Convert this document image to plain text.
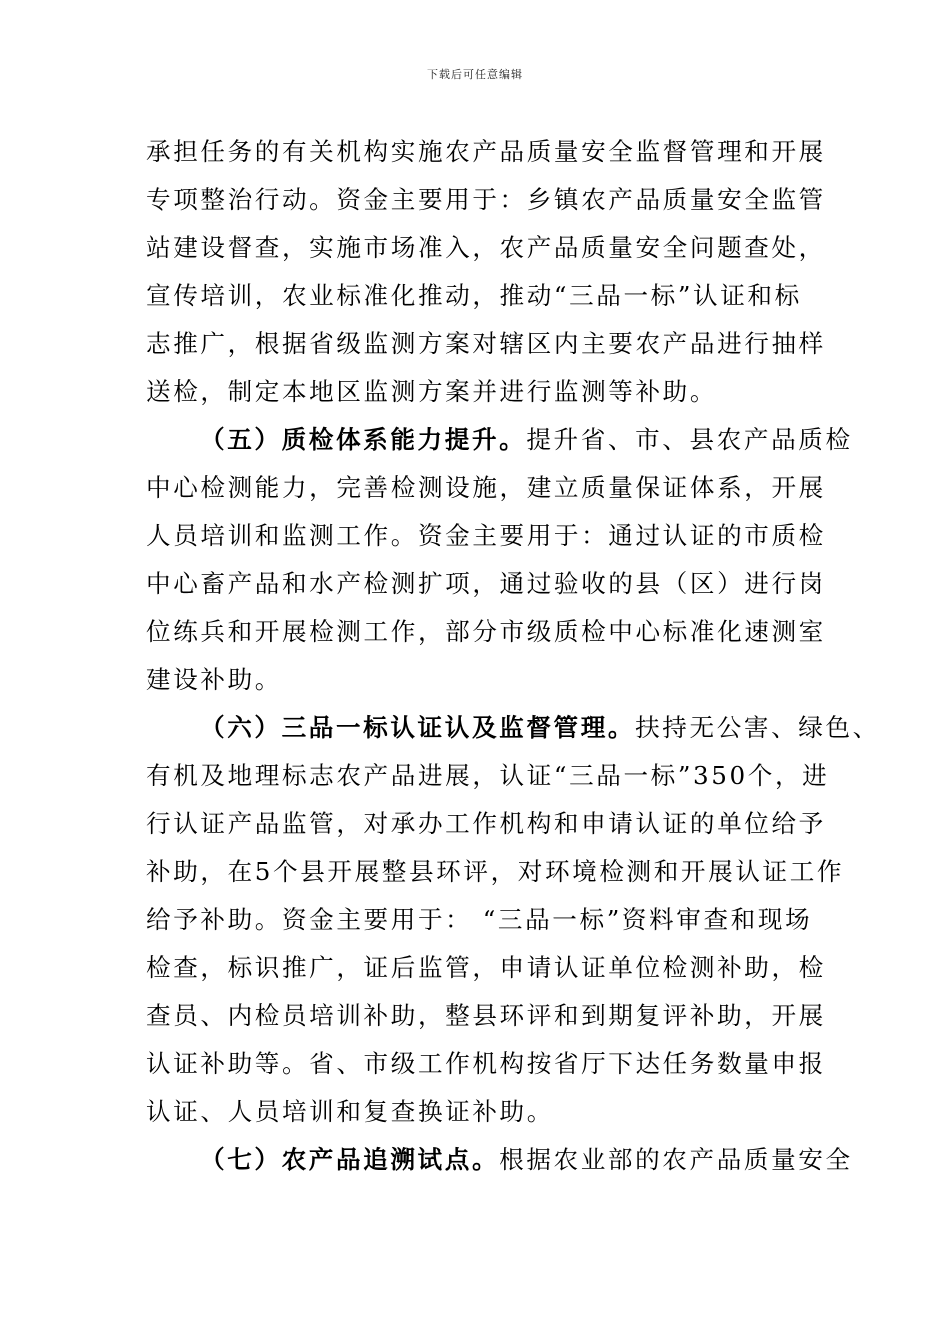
下载后可任意编辑
承担任务的有关机构实施农产品质量安全监督管理和开展
专项整治行动。资金主要用于：乡镇农产品质量安全监管
站建设督查，实施市场准入，农产品质量安全问题查处，
宣传培训，农业标准化推动，推动“三品一标”认证和标
志推广，根据省级监测方案对辖区内主要农产品进行抽样
送检，制定本地区监测方案并进行监测等补助。
（五）质检体系能力提升。提升省、市、县农产品质检
中心检测能力，完善检测设施，建立质量保证体系，开展
人员培训和监测工作。资金主要用于：通过认证的市质检
中心畜产品和水产检测扩项，通过验收的县（区）进行岗
位练兵和开展检测工作，部分市级质检中心标准化速测室
建设补助。
（六）三品一标认证认及监督管理。扶持无公害、绿色、
有机及地理标志农产品进展，认证“三品一标”350个，进
行认证产品监管，对承办工作机构和申请认证的单位给予
补助，在5个县开展整县环评，对环境检测和开展认证工作
给予补助。资金主要用于： “三品一标”资料审查和现场
检查，标识推广，证后监管，申请认证单位检测补助，检
查员、内检员培训补助，整县环评和到期复评补助，开展
认证补助等。省、市级工作机构按省厅下达任务数量申报
认证、人员培训和复查换证补助。
（七）农产品追溯试点。根据农业部的农产品质量安全
